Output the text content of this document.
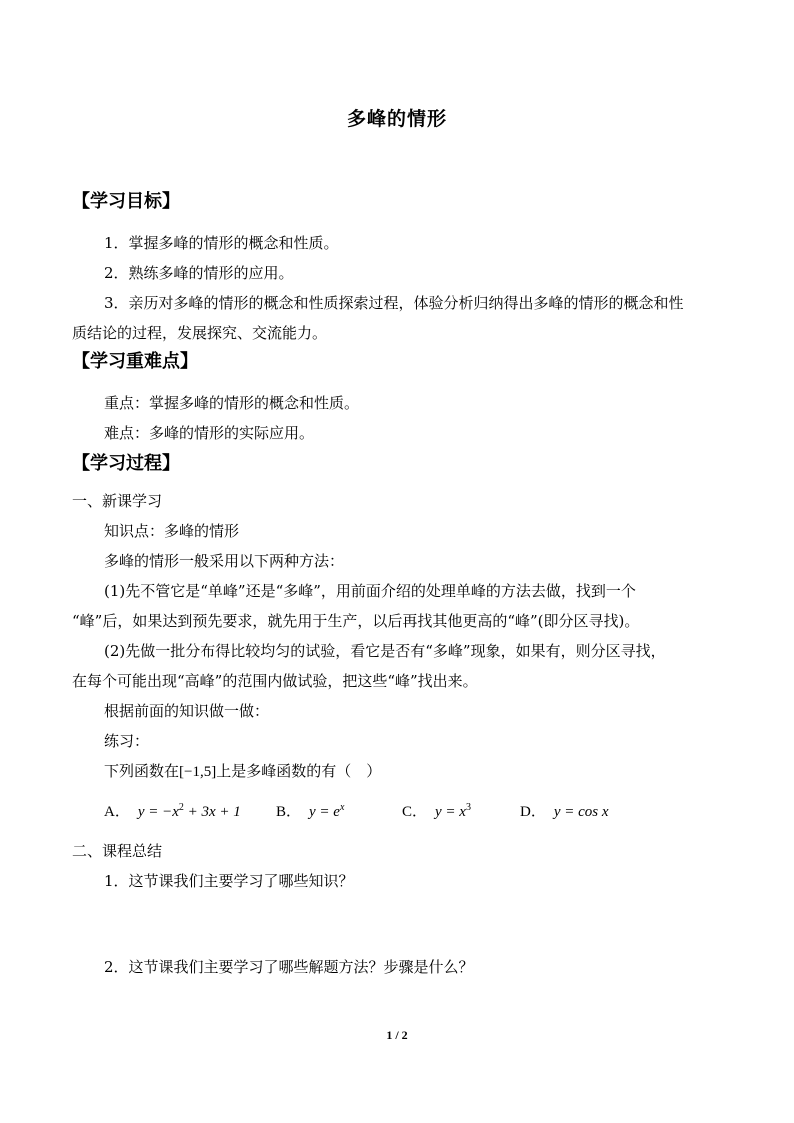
多峰的情形
【学习目标】
1．掌握多峰的情形的概念和性质。
2．熟练多峰的情形的应用。
3．亲历对多峰的情形的概念和性质探索过程，体验分析归纳得出多峰的情形的概念和性
质结论的过程，发展探究、交流能力。
【学习重难点】
重点：掌握多峰的情形的概念和性质。
难点：多峰的情形的实际应用。
【学习过程】
一、新课学习
知识点：多峰的情形
多峰的情形一般采用以下两种方法：
(1)先不管它是“单峰”还是“多峰”，用前面介绍的处理单峰的方法去做，找到一个
“峰”后，如果达到预先要求，就先用于生产，以后再找其他更高的“峰”(即分区寻找)。
(2)先做一批分布得比较均匀的试验，看它是否有“多峰”现象，如果有，则分区寻找，
在每个可能出现“高峰”的范围内做试验，把这些“峰”找出来。
根据前面的知识做一做：
练习：
下列函数在[−1,5]上是多峰函数的有（　）
A． $y = -x^2 + 3x + 1$ B． $y = e^x$	C． $y = x^3$	D． y = cos x
二、课程总结
1．这节课我们主要学习了哪些知识？
2．这节课我们主要学习了哪些解题方法？步骤是什么？
1 / 2
